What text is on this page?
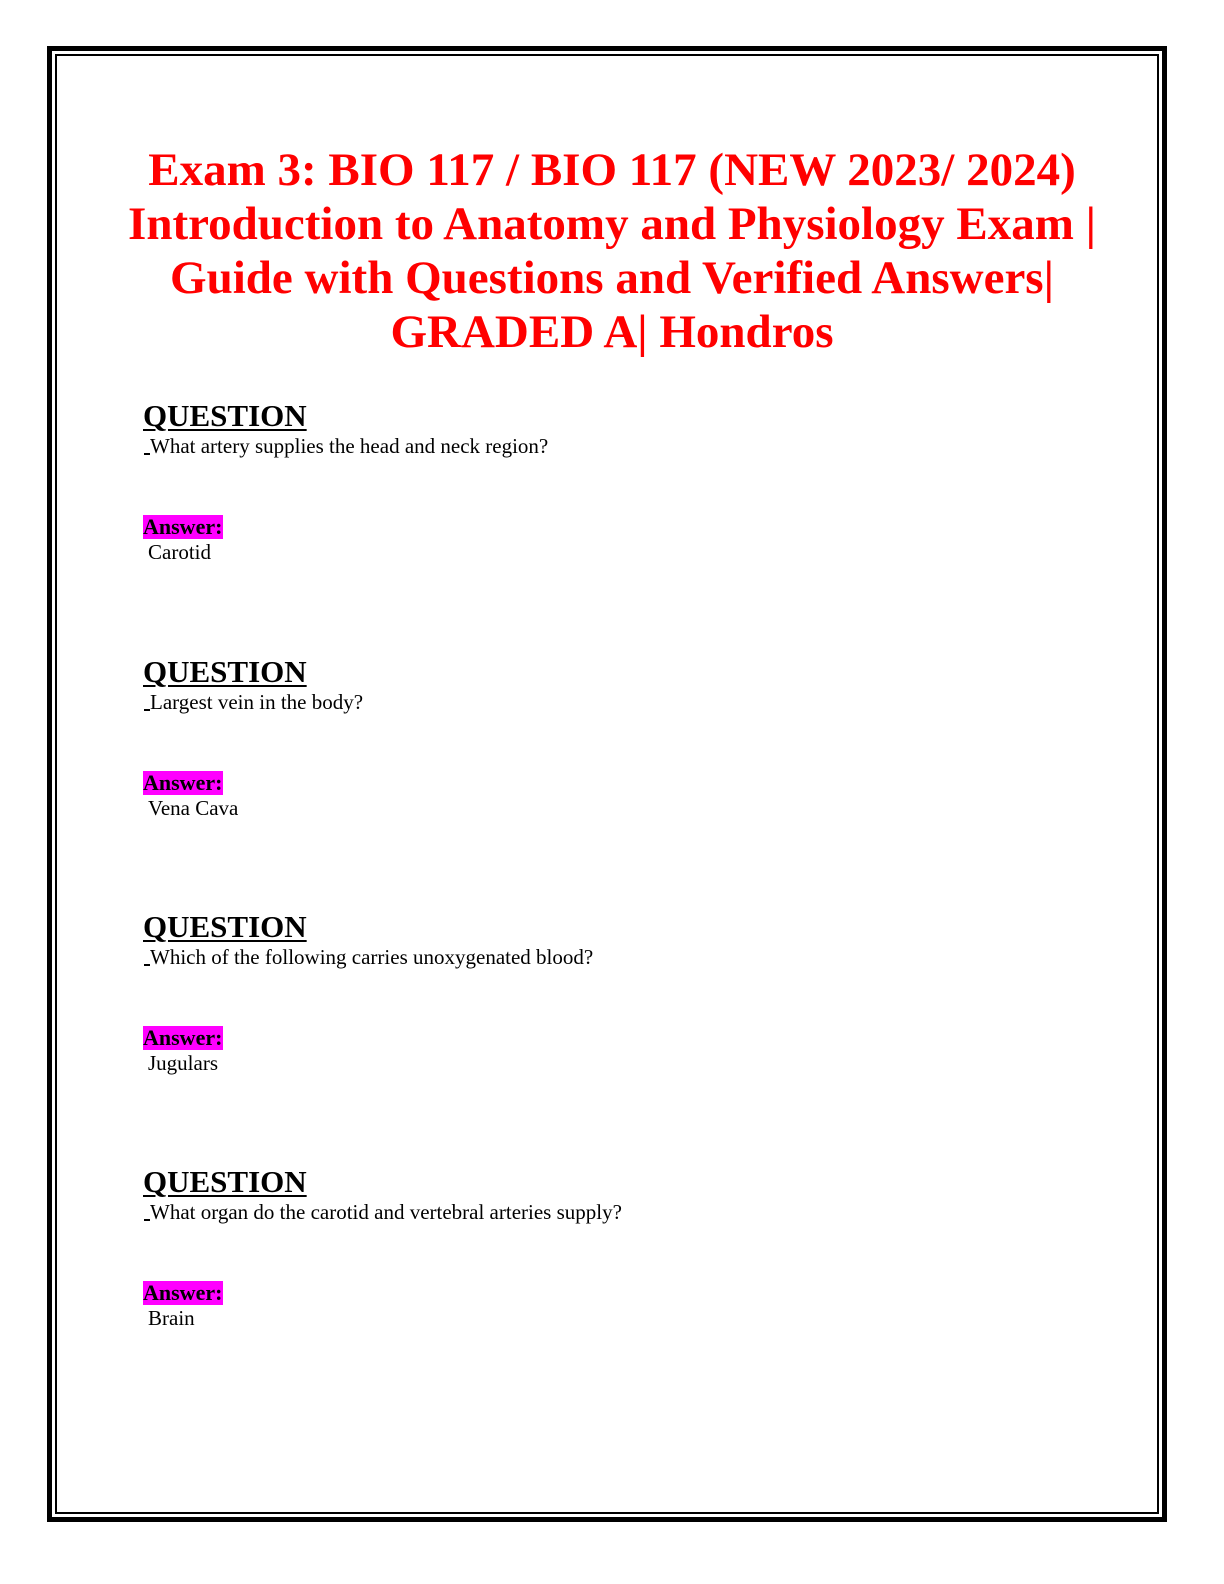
Exam 3: BIO 117 / BIO 117 (NEW 2023/ 2024) Introduction to Anatomy and Physiology Exam | Guide with Questions and Verified Answers| GRADED A| Hondros
QUESTION
What artery supplies the head and neck region?
Answer:
Carotid
QUESTION
Largest vein in the body?
Answer:
Vena Cava
QUESTION
Which of the following carries unoxygenated blood?
Answer:
Jugulars
QUESTION
What organ do the carotid and vertebral arteries supply?
Answer:
Brain
